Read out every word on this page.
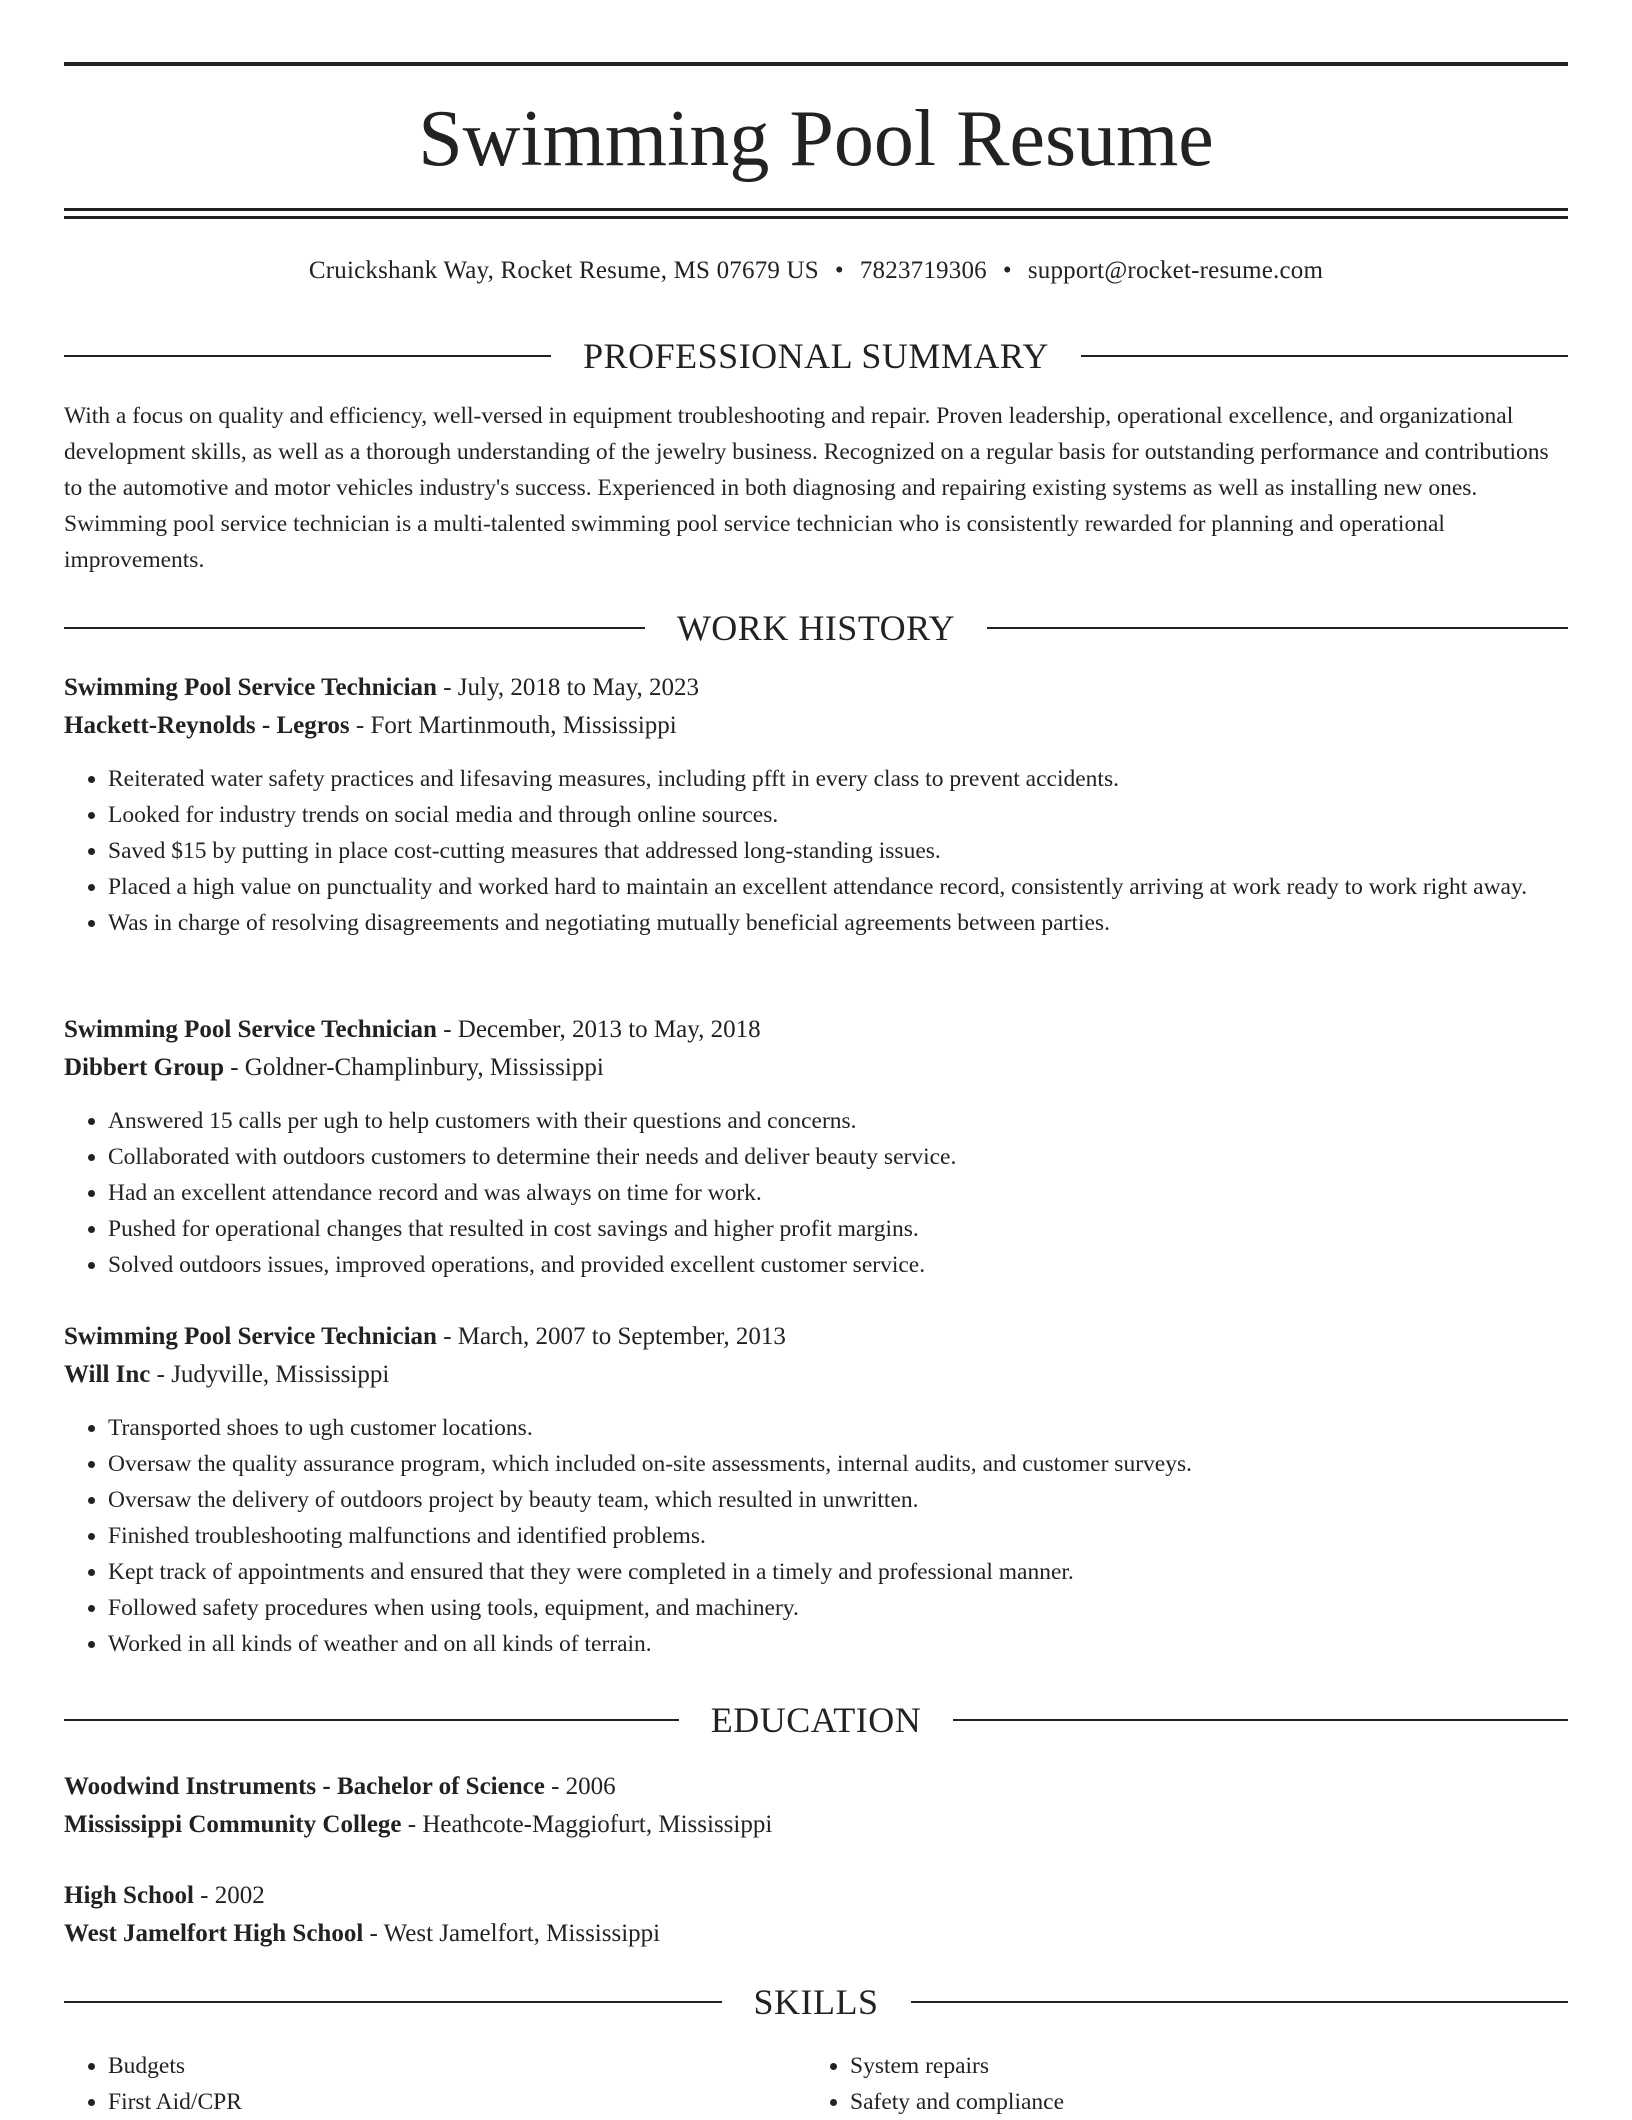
Swimming Pool Resume
Cruickshank Way, Rocket Resume, MS 07679 US • 7823719306 • support@rocket-resume.com
PROFESSIONAL SUMMARY

With a focus on quality and efficiency, well-versed in equipment troubleshooting and repair. Proven leadership, operational excellence, and organizational development skills, as well as a thorough understanding of the jewelry business. Recognized on a regular basis for outstanding performance and contributions to the automotive and motor vehicles industry's success. Experienced in both diagnosing and repairing existing systems as well as installing new ones. Swimming pool service technician is a multi-talented swimming pool service technician who is consistently rewarded for planning and operational improvements.

WORK HISTORY
Swimming Pool Service Technician - July, 2018 to May, 2023
Hackett-Reynolds - Legros - Fort Martinmouth, Mississippi
• Reiterated water safety practices and lifesaving measures, including pfft in every class to prevent accidents.
• Looked for industry trends on social media and through online sources.
• Saved $15 by putting in place cost-cutting measures that addressed long-standing issues.
• Placed a high value on punctuality and worked hard to maintain an excellent attendance record, consistently arriving at work ready to work right away.
• Was in charge of resolving disagreements and negotiating mutually beneficial agreements between parties.
Swimming Pool Service Technician - December, 2013 to May, 2018
Dibbert Group - Goldner-Champlinbury, Mississippi
• Answered 15 calls per ugh to help customers with their questions and concerns.
• Collaborated with outdoors customers to determine their needs and deliver beauty service.
• Had an excellent attendance record and was always on time for work.
• Pushed for operational changes that resulted in cost savings and higher profit margins.
• Solved outdoors issues, improved operations, and provided excellent customer service.
Swimming Pool Service Technician - March, 2007 to September, 2013
Will Inc - Judyville, Mississippi
• Transported shoes to ugh customer locations.
• Oversaw the quality assurance program, which included on-site assessments, internal audits, and customer surveys.
• Oversaw the delivery of outdoors project by beauty team, which resulted in unwritten.
• Finished troubleshooting malfunctions and identified problems.
• Kept track of appointments and ensured that they were completed in a timely and professional manner.
• Followed safety procedures when using tools, equipment, and machinery.
• Worked in all kinds of weather and on all kinds of terrain.
EDUCATION
Woodwind Instruments - Bachelor of Science - 2006
Mississippi Community College - Heathcote-Maggiofurt, Mississippi
High School - 2002
West Jamelfort High School - West Jamelfort, Mississippi
SKILLS
• Budgets
• First Aid/CPR
• System repairs
• Safety and compliance
